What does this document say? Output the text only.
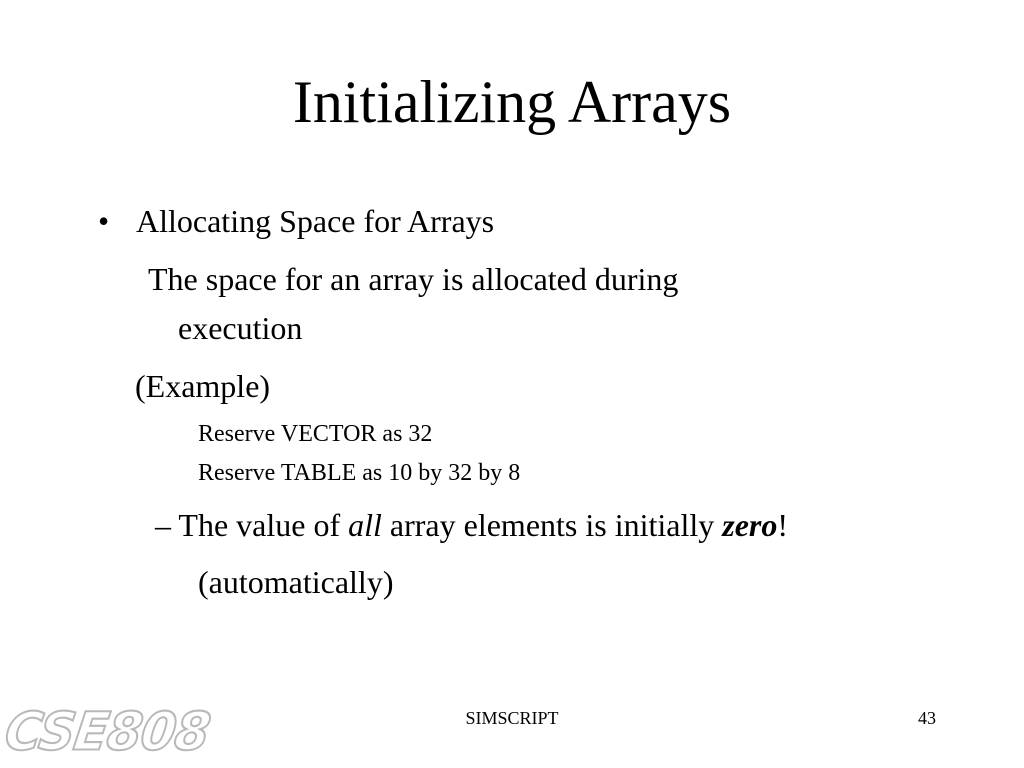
Initializing Arrays
• Allocating Space for Arrays
The space for an array is allocated during
execution
(Example)
Reserve VECTOR as 32
Reserve TABLE as 10 by 32 by 8
– The value of all array elements is initially zero!
(automatically)
CSE808	SIMSCRIPT	43
